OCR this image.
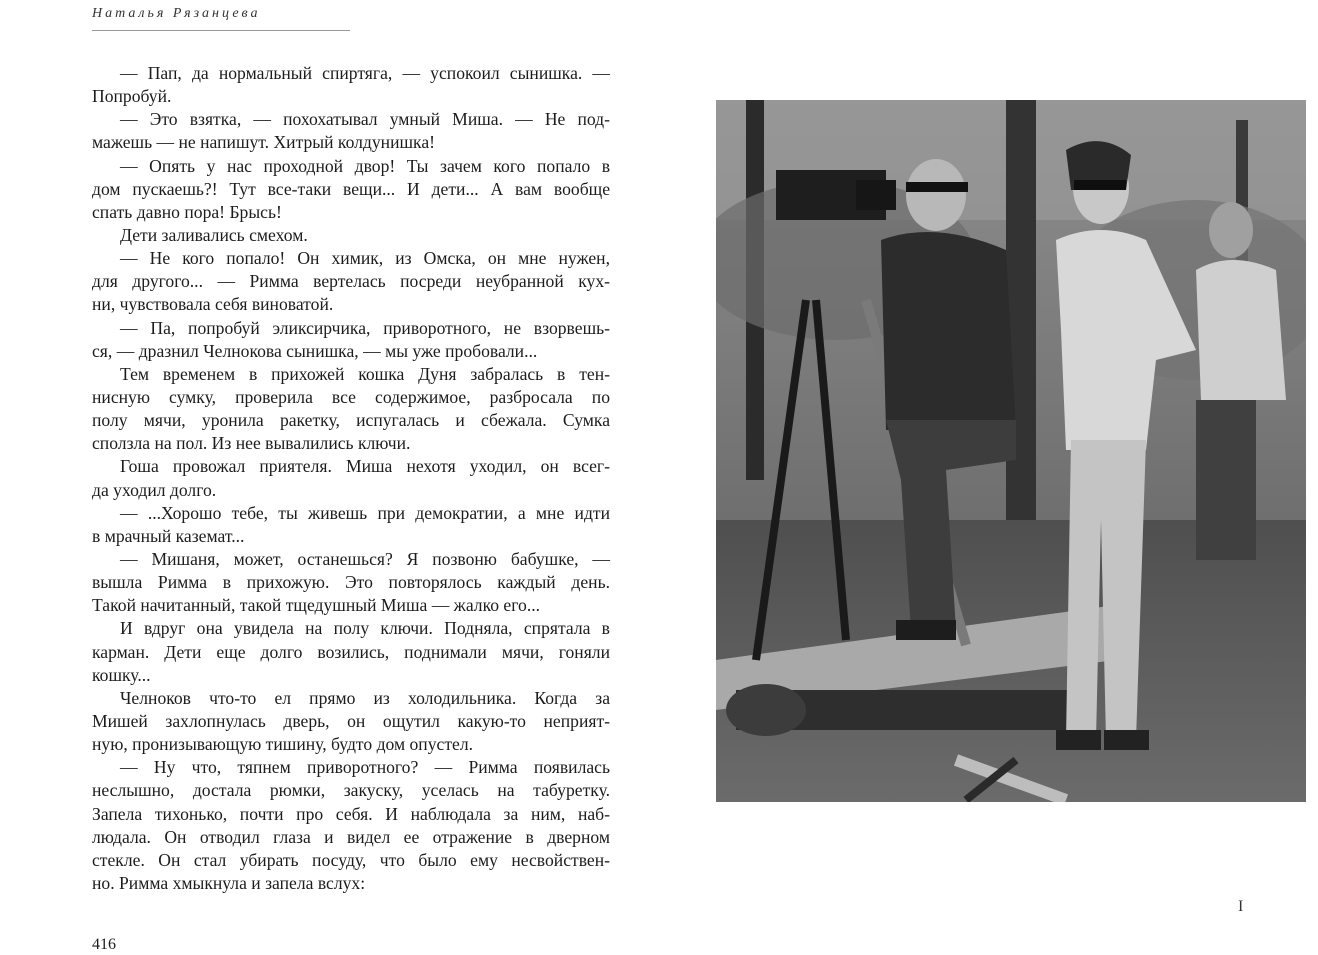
Наталья Рязанцева
— Пап, да нормальный спиртяга, — успокоил сынишка. —
Попробуй.
— Это взятка, — похохатывал умный Миша. — Не под-
мажешь — не напишут. Хитрый колдунишка!
— Опять у нас проходной двор! Ты зачем кого попало в
дом пускаешь?! Тут все-таки вещи... И дети... А вам вообще
спать давно пора! Брысь!
Дети заливались смехом.
— Не кого попало! Он химик, из Омска, он мне нужен,
для другого... — Римма вертелась посреди неубранной кух-
ни, чувствовала себя виноватой.
— Па, попробуй эликсирчика, приворотного, не взорвешь-
ся, — дразнил Челнокова сынишка, — мы уже пробовали...
Тем временем в прихожей кошка Дуня забралась в тен-
нисную сумку, проверила все содержимое, разбросала по
полу мячи, уронила ракетку, испугалась и сбежала. Сумка
сползла на пол. Из нее вывалились ключи.
Гоша провожал приятеля. Миша нехотя уходил, он всег-
да уходил долго.
— ...Хорошо тебе, ты живешь при демократии, а мне идти
в мрачный каземат...
— Мишаня, может, останешься? Я позвоню бабушке, —
вышла Римма в прихожую. Это повторялось каждый день.
Такой начитанный, такой тщедушный Миша — жалко его...
И вдруг она увидела на полу ключи. Подняла, спрятала в
карман. Дети еще долго возились, поднимали мячи, гоняли
кошку...
Челноков что-то ел прямо из холодильника. Когда за
Мишей захлопнулась дверь, он ощутил какую-то неприят-
ную, пронизывающую тишину, будто дом опустел.
— Ну что, тяпнем приворотного? — Римма появилась
неслышно, достала рюмки, закуску, уселась на табуретку.
Запела тихонько, почти про себя. И наблюдала за ним, наб-
людала. Он отводил глаза и видел ее отражение в дверном
стекле. Он стал убирать посуду, что было ему несвойствен-
но. Римма хмыкнула и запела вслух:
416
I
